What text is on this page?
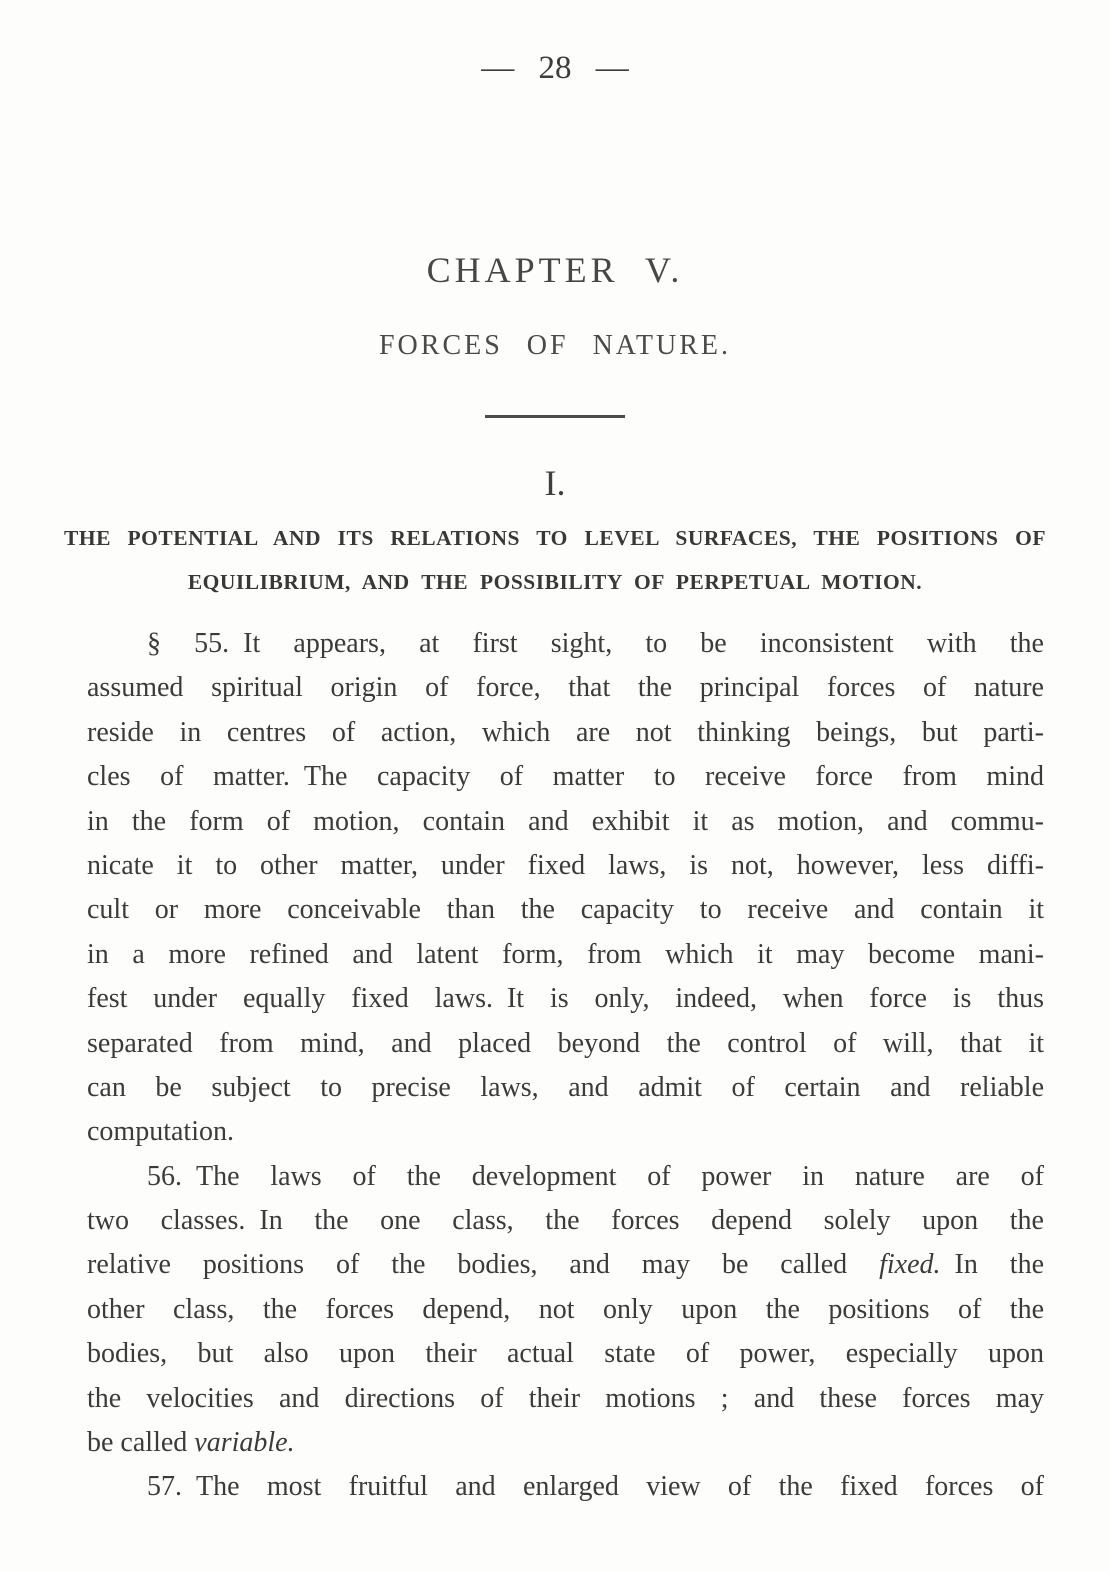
— 28 —
CHAPTER V.
FORCES OF NATURE.
I.
THE POTENTIAL AND ITS RELATIONS TO LEVEL SURFACES, THE POSITIONS OF
EQUILIBRIUM, AND THE POSSIBILITY OF PERPETUAL MOTION.
§ 55. It appears, at first sight, to be inconsistent with the
assumed spiritual origin of force, that the principal forces of nature
reside in centres of action, which are not thinking beings, but parti-
cles of matter. The capacity of matter to receive force from mind
in the form of motion, contain and exhibit it as motion, and commu-
nicate it to other matter, under fixed laws, is not, however, less diffi-
cult or more conceivable than the capacity to receive and contain it
in a more refined and latent form, from which it may become mani-
fest under equally fixed laws. It is only, indeed, when force is thus
separated from mind, and placed beyond the control of will, that it
can be subject to precise laws, and admit of certain and reliable
computation.
56. The laws of the development of power in nature are of
two classes. In the one class, the forces depend solely upon the
relative positions of the bodies, and may be called fixed. In the
other class, the forces depend, not only upon the positions of the
bodies, but also upon their actual state of power, especially upon
the velocities and directions of their motions ; and these forces may
be called variable.
57. The most fruitful and enlarged view of the fixed forces of
